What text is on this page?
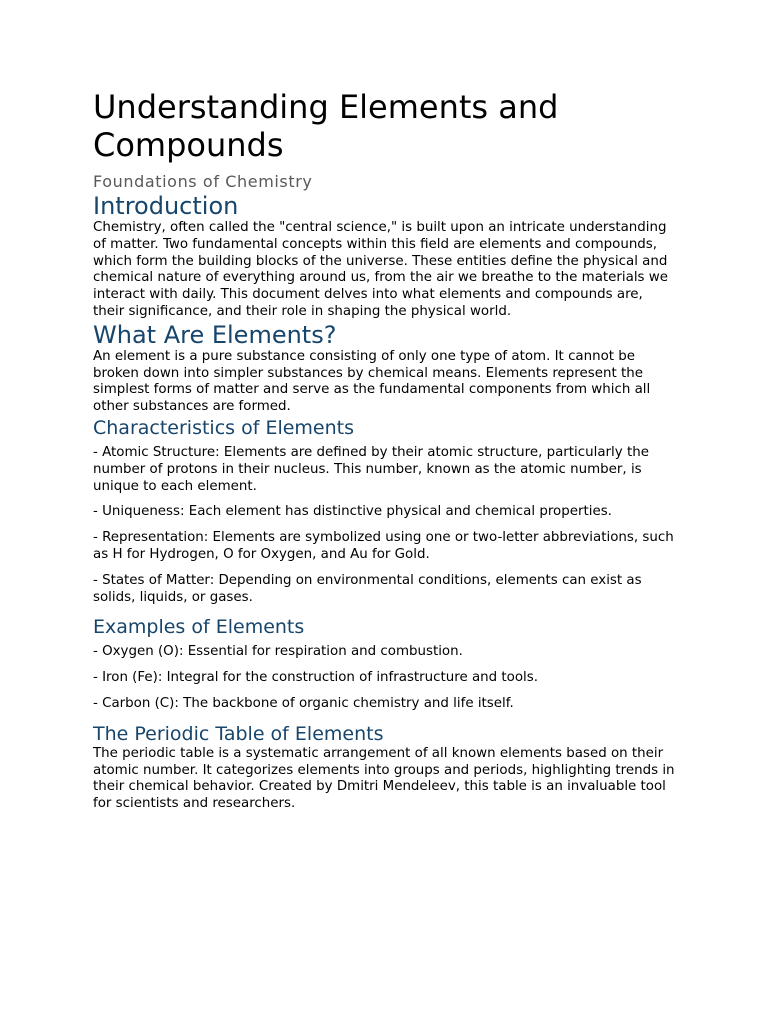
Understanding Elements and Compounds
Foundations of Chemistry
Introduction

Chemistry, often called the "central science," is built upon an intricate understanding of matter. Two fundamental concepts within this field are elements and compounds, which form the building blocks of the universe. These entities define the physical and chemical nature of everything around us, from the air we breathe to the materials we interact with daily. This document delves into what elements and compounds are, their significance, and their role in shaping the physical world.

What Are Elements?

An element is a pure substance consisting of only one type of atom. It cannot be broken down into simpler substances by chemical means. Elements represent the simplest forms of matter and serve as the fundamental components from which all other substances are formed.

Characteristics of Elements

- Atomic Structure: Elements are defined by their atomic structure, particularly the number of protons in their nucleus. This number, known as the atomic number, is unique to each element.

- Uniqueness: Each element has distinctive physical and chemical properties.

- Representation: Elements are symbolized using one or two-letter abbreviations, such as H for Hydrogen, O for Oxygen, and Au for Gold.

- States of Matter: Depending on environmental conditions, elements can exist as solids, liquids, or gases.

Examples of Elements

- Oxygen (O): Essential for respiration and combustion.

- Iron (Fe): Integral for the construction of infrastructure and tools.

- Carbon (C): The backbone of organic chemistry and life itself.

The Periodic Table of Elements

The periodic table is a systematic arrangement of all known elements based on their atomic number. It categorizes elements into groups and periods, highlighting trends in their chemical behavior. Created by Dmitri Mendeleev, this table is an invaluable tool for scientists and researchers.
